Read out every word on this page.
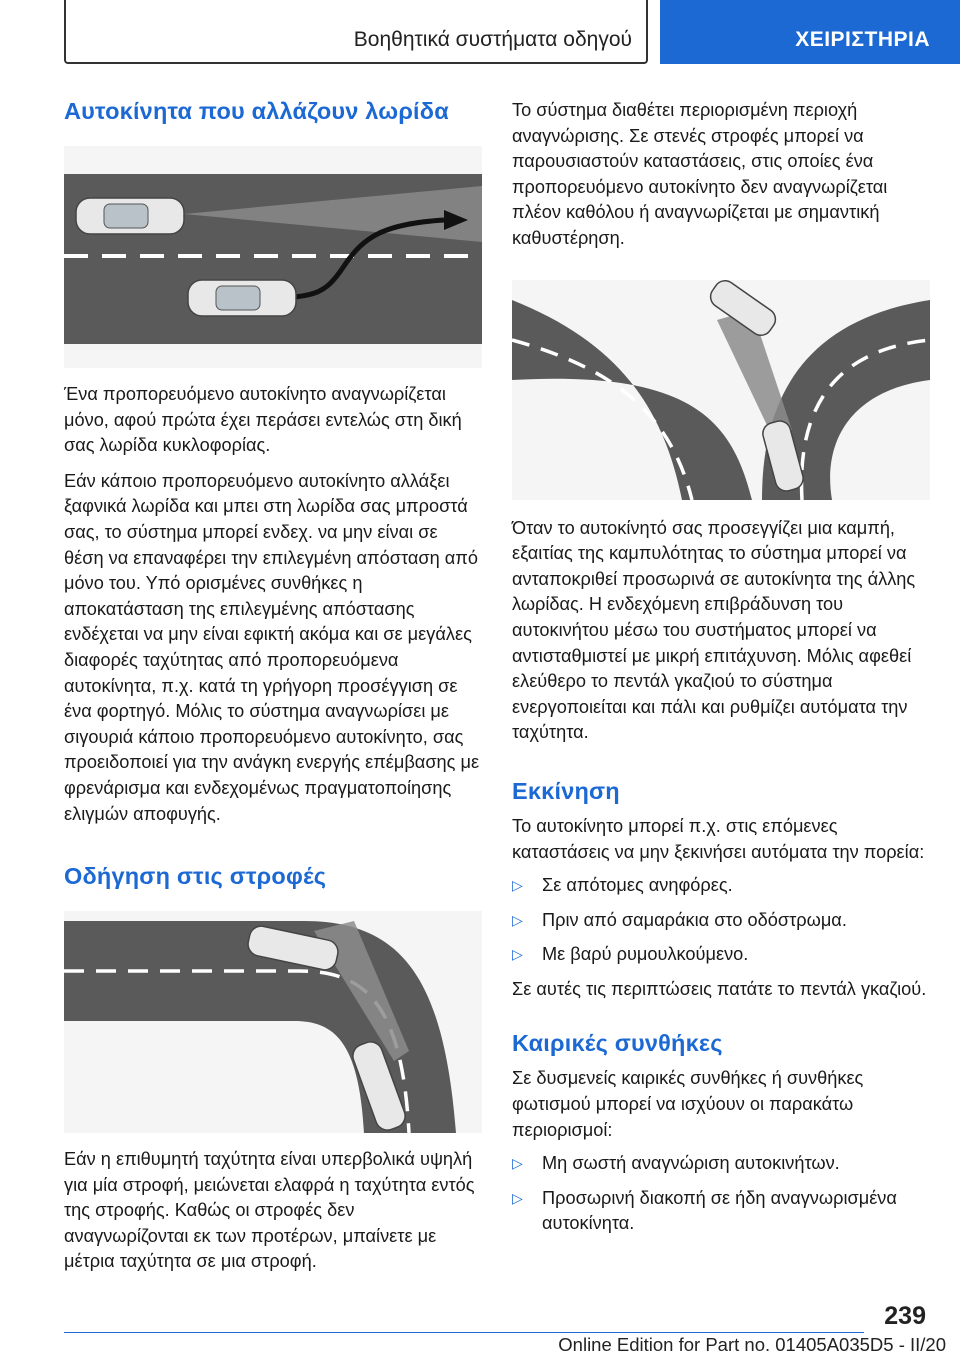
Βοηθητικά συστήματα οδηγού	ΧΕΙΡΙΣΤΗΡΙΑ
Αυτοκίνητα που αλλάζουν λωρίδα

Ένα προπορευόμενο αυτοκίνητο αναγνωρίζεται μόνο, αφού πρώτα έχει περάσει εντελώς στη δική σας λωρίδα κυκλοφορίας.

Εάν κάποιο προπορευόμενο αυτοκίνητο αλλάξει ξαφνικά λωρίδα και μπει στη λωρίδα σας μπροστά σας, το σύστημα μπορεί ενδεχ. να μην είναι σε θέση να επαναφέρει την επιλεγμένη απόσταση από μόνο του. Υπό ορισμένες συνθήκες η αποκατάσταση της επιλεγμένης απόστασης ενδέχεται να μην είναι εφικτή ακόμα και σε μεγάλες διαφορές ταχύτητας από προπορευόμενα αυτοκίνητα, π.χ. κατά τη γρήγορη προσέγγιση σε ένα φορτηγό. Μόλις το σύστημα αναγνωρίσει με σιγουριά κάποιο προπορευόμενο αυτοκίνητο, σας προειδοποιεί για την ανάγκη ενεργής επέμβασης με φρενάρισμα και ενδεχομένως πραγματοποίησης ελιγμών αποφυγής.

Οδήγηση στις στροφές

Εάν η επιθυμητή ταχύτητα είναι υπερβολικά υψηλή για μία στροφή, μειώνεται ελαφρά η ταχύτητα εντός της στροφής. Καθώς οι στροφές δεν αναγνωρίζονται εκ των προτέρων, μπαίνετε με μέτρια ταχύτητα σε μια στροφή.

Το σύστημα διαθέτει περιορισμένη περιοχή αναγνώρισης. Σε στενές στροφές μπορεί να παρουσιαστούν καταστάσεις, στις οποίες ένα προπορευόμενο αυτοκίνητο δεν αναγνωρίζεται πλέον καθόλου ή αναγνωρίζεται με σημαντική καθυστέρηση.

Όταν το αυτοκίνητό σας προσεγγίζει μια καμπή, εξαιτίας της καμπυλότητας το σύστημα μπορεί να ανταποκριθεί προσωρινά σε αυτοκίνητα της άλλης λωρίδας. Η ενδεχόμενη επιβράδυνση του αυτοκινήτου μέσω του συστήματος μπορεί να αντισταθμιστεί με μικρή επιτάχυνση. Μόλις αφεθεί ελεύθερο το πεντάλ γκαζιού το σύστημα ενεργοποιείται και πάλι και ρυθμίζει αυτόματα την ταχύτητα.

Εκκίνηση

Το αυτοκίνητο μπορεί π.χ. στις επόμενες καταστάσεις να μην ξεκινήσει αυτόματα την πορεία:

▷ Σε απότομες ανηφόρες.
▷ Πριν από σαμαράκια στο οδόστρωμα.
▷ Με βαρύ ρυμουλκούμενο.

Σε αυτές τις περιπτώσεις πατάτε το πεντάλ γκαζιού.

Καιρικές συνθήκες

Σε δυσμενείς καιρικές συνθήκες ή συνθήκες φωτισμού μπορεί να ισχύουν οι παρακάτω περιορισμοί:

▷ Μη σωστή αναγνώριση αυτοκινήτων.
▷ Προσωρινή διακοπή σε ήδη αναγνωρισμένα αυτοκίνητα.
239
Online Edition for Part no. 01405A035D5 - II/20
